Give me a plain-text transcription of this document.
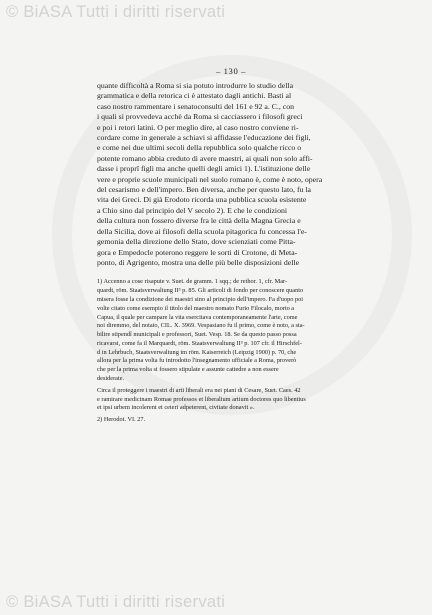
© BiASA Tutti i diritti riservati
– 130 –

quante difficoltà a Roma si sia potuto introdurre lo studio della

grammatica e della retorica ci è attestato dagli antichi. Basti al

caso nostro rammentare i senatoconsulti del 161 e 92 a. C., con

i quali si provvedeva acchè da Roma si cacciassero i filosofi greci

e poi i retori latini. O per meglio dire, al caso nostro conviene ri-

cordare come in generale a schiavi si affidasse l'educazione dei figli,

e come nei due ultimi secoli della repubblica solo qualche ricco o

potente romano abbia creduto di avere maestri, ai quali non solo affi-

dasse i proprî figli ma anche quelli degli amici 1). L'istituzione delle

vere e proprie scuole municipali nel suolo romano è, come è noto, opera

del cesarismo e dell'impero. Ben diversa, anche per questo lato, fu la

vita dei Greci. Di già Erodoto ricorda una pubblica scuola esistente

a Chio sino dal principio del V secolo 2). E che le condizioni

della cultura non fossero diverse fra le città della Magna Grecia e

della Sicilia, dove ai filosofi della scuola pitagorica fu concessa l'e-

gemonia della direzione dello Stato, dove scienziati come Pitta-

gora e Empedocle poterono reggere le sorti di Crotone, di Meta-

ponto, di Agrigento, mostra una delle più belle disposizioni delle

1) Accenno a cose risapute v. Suet. de gramm. 1 sqq.; de rethor. 1, cfr. Mar-

quardt, röm. Staatsverwaltung II³ p. 85. Gli articoli di fondo per conoscere quanto

misera fosse la condizione dei maestri sino al principio dell'impero. Fa d'uopo poi

volte citato come esempio il titolo del maestro nomato Furio Filocalo, morto a

Capua, il quale per campare la vita esercitava contemporaneamente l'arte, come

noi diremmo, del notaio, CIL. X. 3969. Vespasiano fu il primo, come è noto, a sta-

bilire stipendî municipali e professori, Suet. Vesp. 18. Se da questo passo possa

ricavarsi, come fa il Marquardt, röm. Staatsverwaltung II³ p. 107 cfr. il Hirschfel-

d in Lehrbuch, Staatsverwaltung im röm. Kaiserreich (Leipzig 1900) p. 70, che

allora per la prima volta fu introdotto l'insegnamento ufficiale a Roma, proverò

che per la prima volta si fossero stipulate e assunte cattedre a non essere

desiderate.

Circa il proteggere i maestri di arti liberali era nei piani di Cesare, Suet. Caes. 42

e ramirare medicinam Romae professos et liberalium artium doctores quo libentius

et ipsi urbem incolerent et ceteri adpeterent, civitate donavit ».

2) Herodot. VI. 27.

© BiASA Tutti i diritti riservati
